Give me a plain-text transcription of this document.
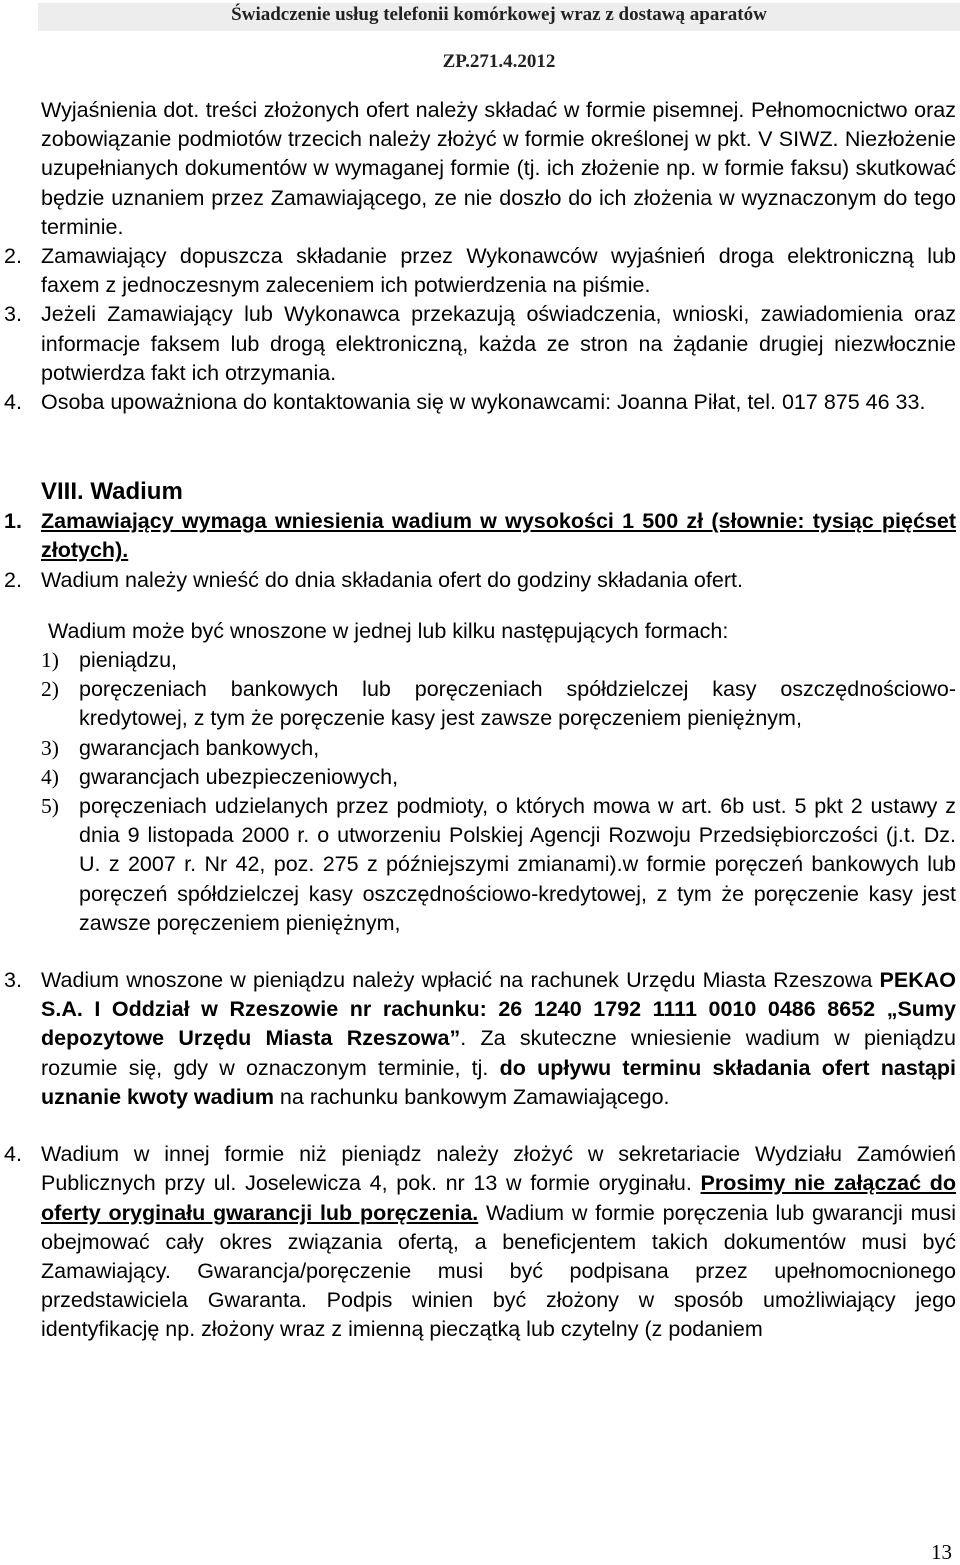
Świadczenie usług telefonii komórkowej wraz z dostawą aparatów
ZP.271.4.2012
Wyjaśnienia dot. treści złożonych ofert należy składać w formie pisemnej. Pełnomocnictwo oraz zobowiązanie podmiotów trzecich należy złożyć w formie określonej w pkt. V SIWZ. Niezłożenie uzupełnianych dokumentów w wymaganej formie (tj. ich złożenie np. w formie faksu) skutkować będzie uznaniem przez Zamawiającego, ze nie doszło do ich złożenia w wyznaczonym do tego terminie.
2. Zamawiający dopuszcza składanie przez Wykonawców wyjaśnień droga elektroniczną lub faxem z jednoczesnym zaleceniem ich potwierdzenia na piśmie.
3. Jeżeli Zamawiający lub Wykonawca przekazują oświadczenia, wnioski, zawiadomienia oraz informacje faksem lub drogą elektroniczną, każda ze stron na żądanie drugiej niezwłocznie potwierdza fakt ich otrzymania.
4. Osoba upoważniona do kontaktowania się w wykonawcami: Joanna Piłat, tel. 017 875 46 33.
VIII. Wadium
1. Zamawiający wymaga wniesienia wadium w wysokości 1 500 zł (słownie: tysiąc pięćset złotych).
2. Wadium należy wnieść do dnia składania ofert do godziny składania ofert.
Wadium może być wnoszone w jednej lub kilku następujących formach:
1) pieniądzu,
2) poręczeniach bankowych lub poręczeniach spółdzielczej kasy oszczędnościowo- kredytowej, z tym że poręczenie kasy jest zawsze poręczeniem pieniężnym,
3) gwarancjach bankowych,
4) gwarancjach ubezpieczeniowych,
5) poręczeniach udzielanych przez podmioty, o których mowa w art. 6b ust. 5 pkt 2 ustawy z dnia 9 listopada 2000 r. o utworzeniu Polskiej Agencji Rozwoju Przedsiębiorczości (j.t. Dz. U. z 2007 r. Nr 42, poz. 275 z późniejszymi zmianami).w formie poręczeń bankowych lub poręczeń spółdzielczej kasy oszczędnościowo-kredytowej, z tym że poręczenie kasy jest zawsze poręczeniem pieniężnym,
3. Wadium wnoszone w pieniądzu należy wpłacić na rachunek Urzędu Miasta Rzeszowa PEKAO S.A. I Oddział w Rzeszowie nr rachunku: 26 1240 1792 1111 0010 0486 8652 „Sumy depozytowe Urzędu Miasta Rzeszowa”. Za skuteczne wniesienie wadium w pieniądzu rozumie się, gdy w oznaczonym terminie, tj. do upływu terminu składania ofert nastąpi uznanie kwoty wadium na rachunku bankowym Zamawiającego.
4. Wadium w innej formie niż pieniądz należy złożyć w sekretariacie Wydziału Zamówień Publicznych przy ul. Joselewicza 4, pok. nr 13 w formie oryginału. Prosimy nie załączać do oferty oryginału gwarancji lub poręczenia. Wadium w formie poręczenia lub gwarancji musi obejmować cały okres związania ofertą, a beneficjentem takich dokumentów musi być Zamawiający. Gwarancja/poręczenie musi być podpisana przez upełnomocnionego przedstawiciela Gwaranta. Podpis winien być złożony w sposób umożliwiający jego identyfikację np. złożony wraz z imienną pieczątką lub czytelny (z podaniem
13
